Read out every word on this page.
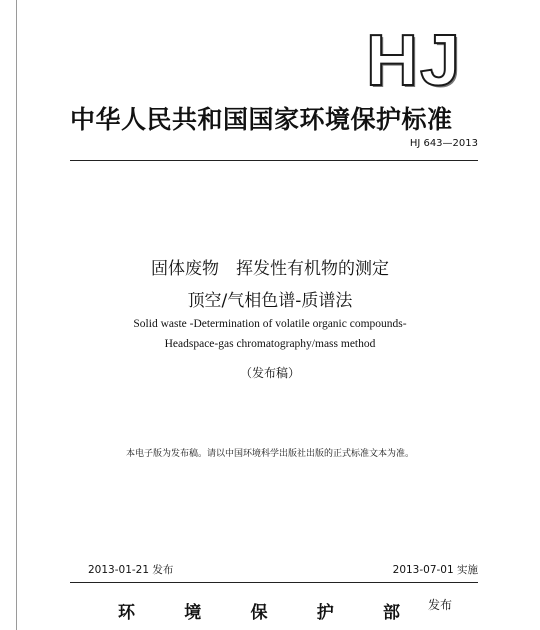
HJ
中华人民共和国国家环境保护标准
HJ 643—2013
固体废物　挥发性有机物的测定
顶空/气相色谱-质谱法
Solid waste -Determination of volatile organic compounds-
Headspace-gas chromatography/mass method
（发布稿）
本电子版为发布稿。请以中国环境科学出版社出版的正式标准文本为准。
2013-01-21 发布	2013-07-01 实施
环	境	保	护	部 发布
